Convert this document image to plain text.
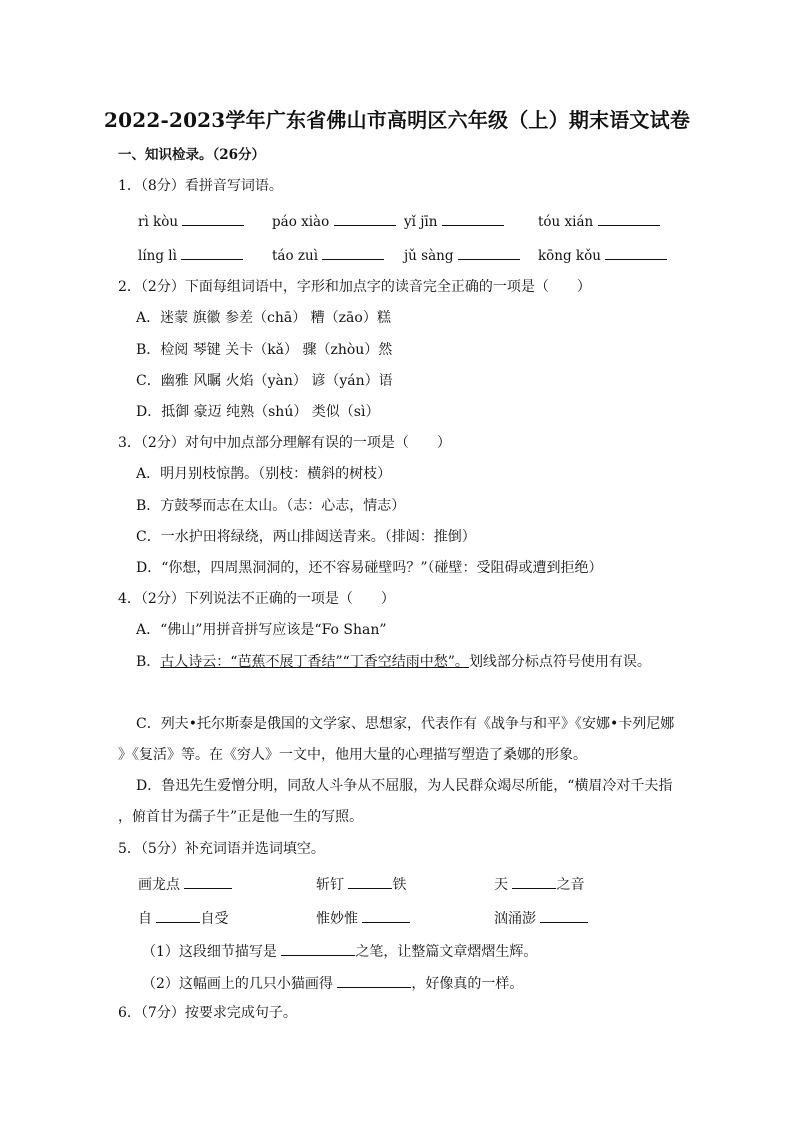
2022-2023学年广东省佛山市高明区六年级（上）期末语文试卷
一、知识检录。（26分）
1．（8分）看拼音写词语。
rì kòu	páo xiào	yǐ jīn	tóu xián
líng lì	táo zuì	jǔ sàng	kōng kǒu
2．（2分）下面每组词语中，字形和加点字的读音完全正确的一项是（　　）
A．迷蒙 旗徽 参差（chā） 糟（zāo）糕
B．检阅 琴键 关卡（kǎ） 骤（zhòu）然
C．幽雅 风瞩 火焰（yàn） 谚（yán）语
D．抵御 豪迈 纯熟（shú） 类似（sì）
3．（2分）对句中加点部分理解有误的一项是（　　）
A．明月别枝惊鹊。（别枝：横斜的树枝）
B．方鼓琴而志在太山。（志：心志，情志）
C．一水护田将绿绕，两山排闼送青来。（排闼：推倒）
D．“你想，四周黑洞洞的，还不容易碰壁吗？”（碰壁：受阻碍或遭到拒绝）
4．（2分）下列说法不正确的一项是（　　）
A．“佛山”用拼音拼写应该是“Fo Shan”
B．古人诗云：“芭蕉不展丁香结”“丁香空结雨中愁”。划线部分标点符号使用有误。
C．列夫•托尔斯泰是俄国的文学家、思想家，代表作有《战争与和平》《安娜•卡列尼娜
》《复活》等。在《穷人》一文中，他用大量的心理描写塑造了桑娜的形象。
D．鲁迅先生爱憎分明，同敌人斗争从不屈服，为人民群众竭尽所能，“横眉冷对千夫指
，俯首甘为孺子牛”正是他一生的写照。
5．（5分）补充词语并选词填空。
画龙点	斩钉	铁	天	之音
自	自受	惟妙惟	汹涌澎
（1）这段细节描写是	之笔，让整篇文章熠熠生辉。
（2）这幅画上的几只小猫画得	，好像真的一样。
6．（7分）按要求完成句子。
